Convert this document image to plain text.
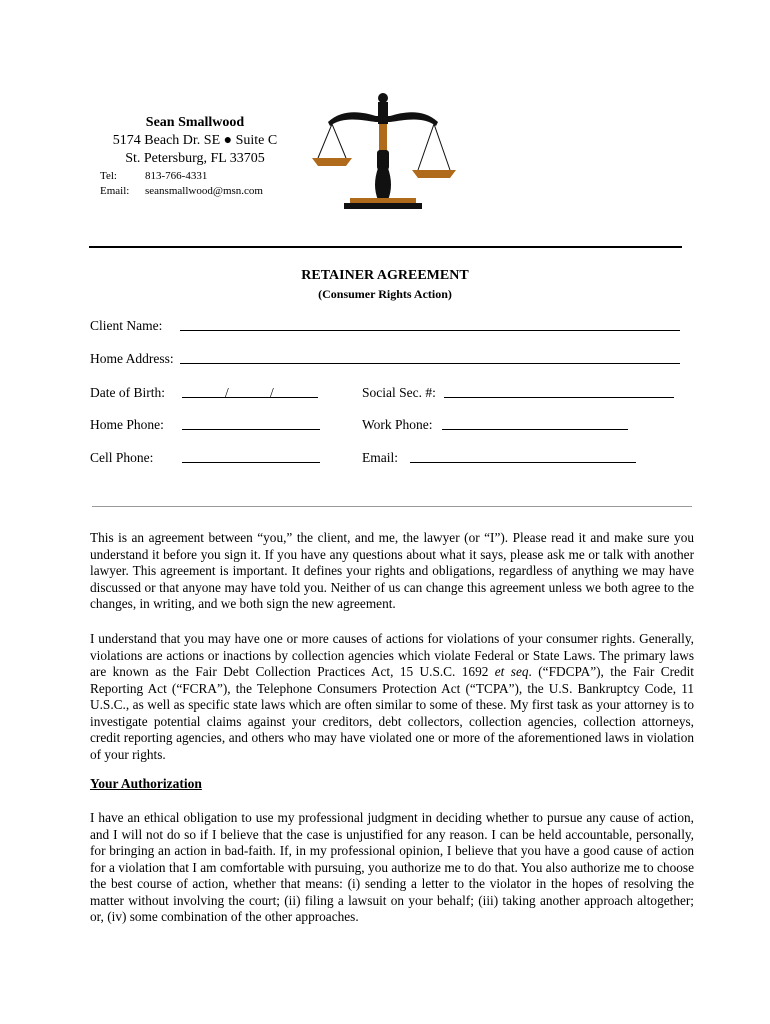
Sean Smallwood
5174 Beach Dr. SE ● Suite C
St. Petersburg, FL 33705
Tel:	813-766-4331
Email: seansmallwood@msn.com
RETAINER AGREEMENT
(Consumer Rights Action)
Client Name:
Home Address:
Date of Birth:	/	/	Social Sec. #:
Home Phone:	Work Phone:
Cell Phone:	Email:
This is an agreement between “you,” the client, and me, the lawyer (or “I”). Please read it and make sure you understand it before you sign it. If you have any questions about what it says, please ask me or talk with another lawyer. This agreement is important. It defines your rights and obligations, regardless of anything we may have discussed or that anyone may have told you. Neither of us can change this agreement unless we both agree to the changes, in writing, and we both sign the new agreement.
I understand that you may have one or more causes of actions for violations of your consumer rights. Generally, violations are actions or inactions by collection agencies which violate Federal or State Laws. The primary laws are known as the Fair Debt Collection Practices Act, 15 U.S.C. 1692 et seq. (“FDCPA”), the Fair Credit Reporting Act (“FCRA”), the Telephone Consumers Protection Act (“TCPA”), the U.S. Bankruptcy Code, 11 U.S.C., as well as specific state laws which are often similar to some of these. My first task as your attorney is to investigate potential claims against your creditors, debt collectors, collection agencies, collection attorneys, credit reporting agencies, and others who may have violated one or more of the aforementioned laws in violation of your rights.
Your Authorization
I have an ethical obligation to use my professional judgment in deciding whether to pursue any cause of action, and I will not do so if I believe that the case is unjustified for any reason. I can be held accountable, personally, for bringing an action in bad-faith. If, in my professional opinion, I believe that you have a good cause of action for a violation that I am comfortable with pursuing, you authorize me to do that. You also authorize me to choose the best course of action, whether that means: (i) sending a letter to the violator in the hopes of resolving the matter without involving the court; (ii) filing a lawsuit on your behalf; (iii) taking another approach altogether; or, (iv) some combination of the other approaches.
